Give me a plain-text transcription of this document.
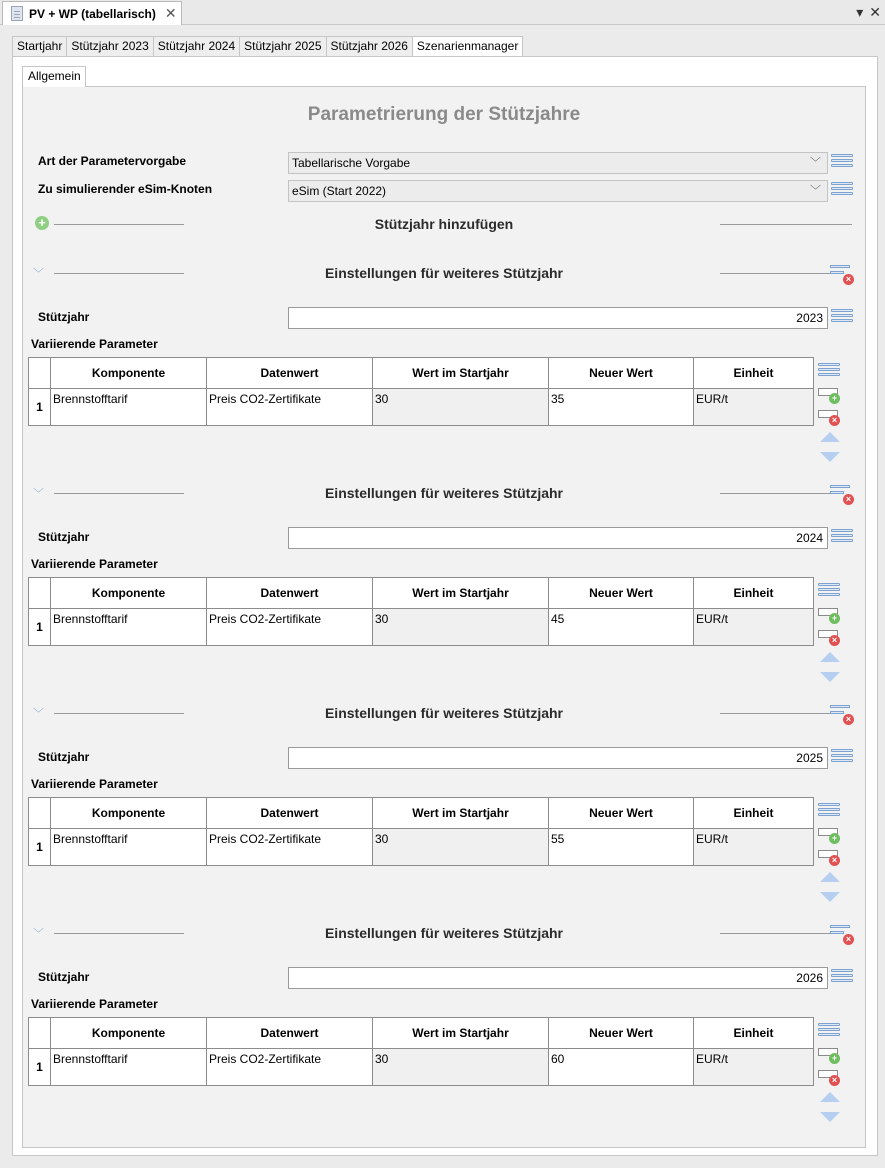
PV + WP (tabellarisch) ✕	▾ ✕
Startjahr Stützjahr 2023 Stützjahr 2024 Stützjahr 2025 Stützjahr 2026 Szenarienmanager
Allgemein
Parametrierung der Stützjahre
Art der Parametervorgabe	Tabellarische Vorgabe	﹀
Zu simulierender eSim-Knoten	eSim (Start 2022)	﹀
+	Stützjahr hinzufügen
﹀	Einstellungen für weiteres Stützjahr	×
Stützjahr	2023
Variierende Parameter
	Komponente	Datenwert	Wert im Startjahr	Neuer Wert	Einheit
1	Brennstofftarif	Preis CO2-Zertifikate	30	35	EUR/t	+
×
﹀	Einstellungen für weiteres Stützjahr	×
Stützjahr	2024
Variierende Parameter
	Komponente	Datenwert	Wert im Startjahr	Neuer Wert	Einheit
1	Brennstofftarif	Preis CO2-Zertifikate	30	45	EUR/t	+
×
﹀	Einstellungen für weiteres Stützjahr	×
Stützjahr	2025
Variierende Parameter
	Komponente	Datenwert	Wert im Startjahr	Neuer Wert	Einheit
1	Brennstofftarif	Preis CO2-Zertifikate	30	55	EUR/t	+
×
﹀	Einstellungen für weiteres Stützjahr	×
Stützjahr	2026
Variierende Parameter
	Komponente	Datenwert	Wert im Startjahr	Neuer Wert	Einheit
1	Brennstofftarif	Preis CO2-Zertifikate	30	60	EUR/t	+
×
